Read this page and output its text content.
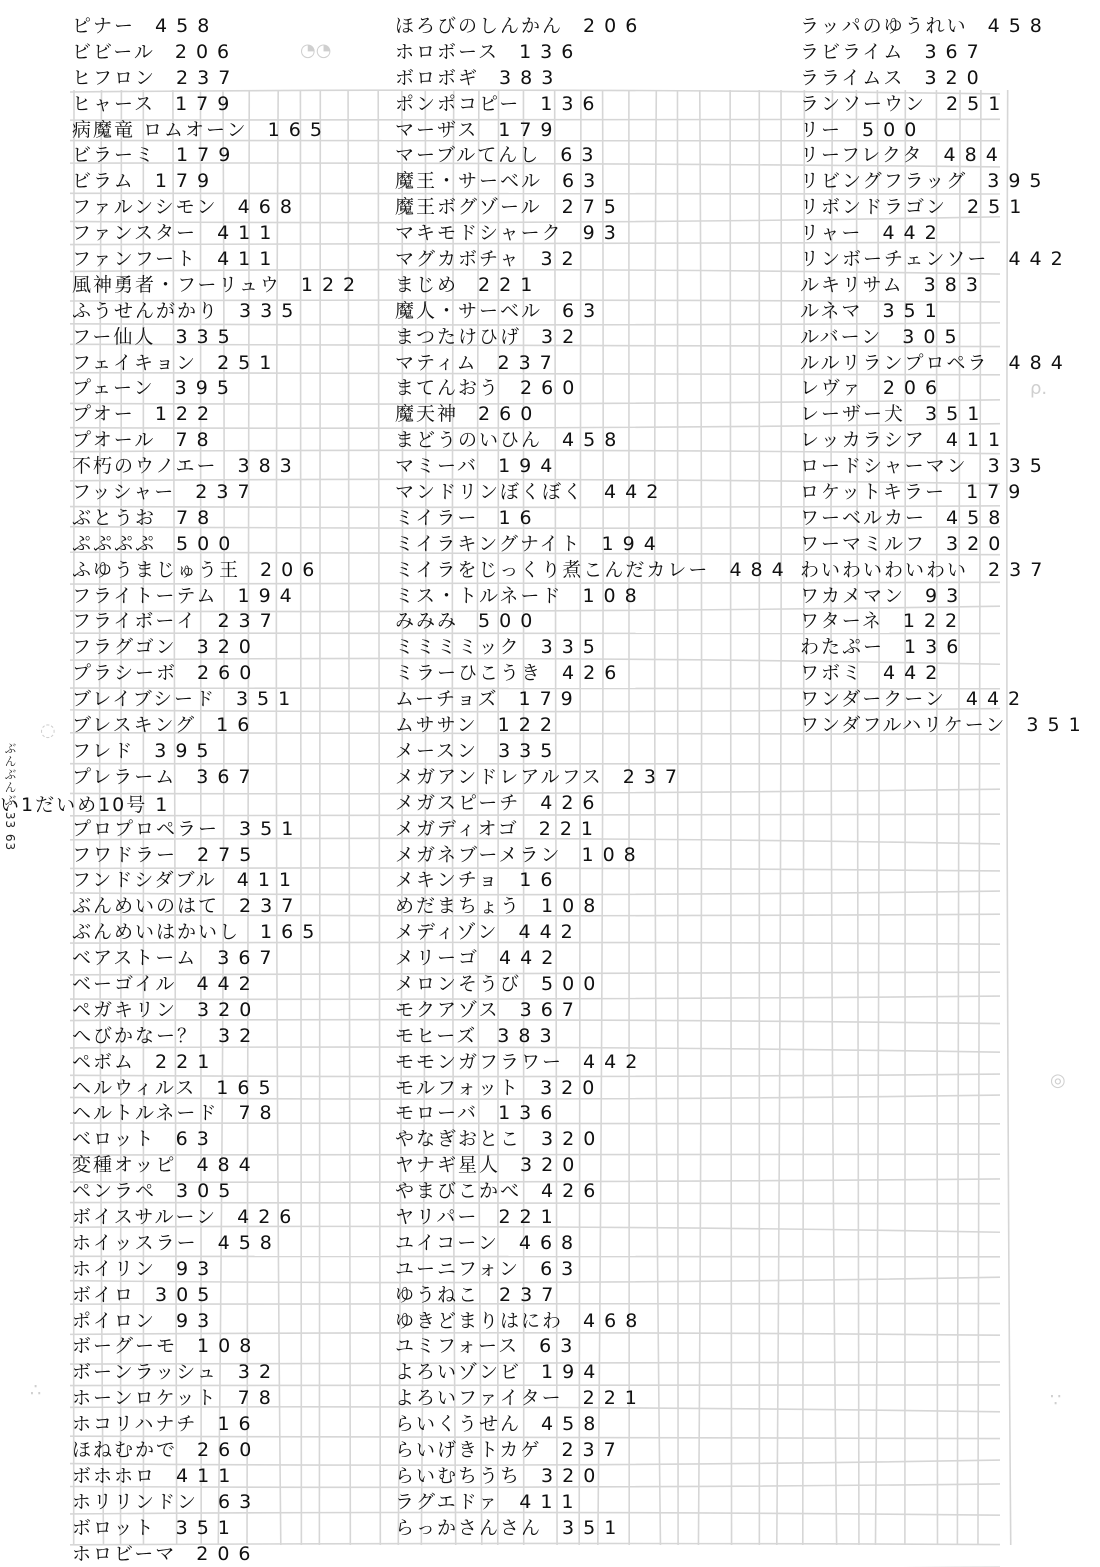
◔◔
ρ.
◌
◎
∴	∵
ピナー 458
ビビール 206
ヒフロン 237
ヒャース 179
病魔竜 ロムオーン 165
ビラーミ 179
ビラム 179
ファルンシモン 468
ファンスター 411
ファンフート 411
風神勇者・フーリュウ 122
ふうせんがかり 335
フー仙人 335
フェイキョン 251
プェーン 395
プオー 122
プオール 78
不朽のウノエー 383
フッシャー 237
ぶとうお 78
ぷぷぷぷ 500
ふゆうまじゅう王 206
フライトーテム 194
フライボーイ 237
フラグゴン 320
プラシーボ 260
ブレイブシード 351
ブレスキング 16
フレド 395
プレラーム 367
プロプロペラー 351
フワドラー 275
フンドシダブル 411
ぶんめいのはて 237
ぶんめいはかいし 165
ベアストーム 367
ベーゴイル 442
ペガキリン 320
へびかなー？ 32
ペボム 221
ヘルウィルス 165
ヘルトルネード 78
ベロット 63
変種オッピ 484
ペンラペ 305
ボイスサルーン 426
ホイッスラー 458
ホイリン 93
ボイロ 305
ポイロン 93
ボーグーモ 108
ボーンラッシュ 32
ホーンロケット 78
ホコリハナチ 16
ほねむかで 260
ボホホロ 411
ホリリンドン 63
ボロット 351
ホロビーマ 206
ほろびのしんかん 206
ホロボース 136
ボロボギ 383
ポンポコピー 136
マーザス 179
マーブルてんし 63
魔王・サーベル 63
魔王ボグゾール 275
マキモドシャーク 93
マグカボチャ 32
まじめ 221
魔人・サーベル 63
まつたけひげ 32
マティム 237
まてんおう 260
魔天神 260
まどうのいひん 458
マミーバ 194
マンドリンぼくぼく 442
ミイラー 16
ミイラキングナイト 194
ミイラをじっくり煮こんだカレー 484
ミス・トルネード 108
みみみ 500
ミミミミック 335
ミラーひこうき 426
ムーチョズ 179
ムササン 122
メースン 335
メガアンドレアルフス 237
メガスピーチ 426
メガディオゴ 221
メガネブーメラン 108
メキンチョ 16
めだまちょう 108
メディゾン 442
メリーゴ 442
メロンそうび 500
モクアゾス 367
モヒーズ 383
モモンガフラワー 442
モルフォット 320
モローバ 136
やなぎおとこ 320
ヤナギ星人 320
やまびこかべ 426
ヤリパー 221
ユイコーン 468
ユーニフォン 63
ゆうねこ 237
ゆきどまりはにわ 468
ユミフォース 63
よろいゾンビ 194
よろいファイター 221
らいくうせん 458
らいげきトカゲ 237
らいむちうち 320
ラグエドァ 411
らっかさんさん 351
ラッパのゆうれい 458
ラビライム 367
ラライムス 320
ランソーウン 251
リー 500
リーフレクタ 484
リビングフラッグ 395
リボンドラゴン 251
リャー 442
リンボーチェンソー 442
ルキリサム 383
ルネマ 351
ルバーン 305
ルルリランプロペラ 484
レヴァ 206
レーザー犬 351
レッカラシア 411
ロードシャーマン 335
ロケットキラー 179
ワーベルカー 458
ワーマミルフ 320
わいわいわいわい 237
ワカメマン 93
ワターネ 122
わたぷー 136
ワボミ 442
ワンダークーン 442
ワンダフルハリケーン 351
い1だいめ10号 1
ぶんぶんぶ 33 63
